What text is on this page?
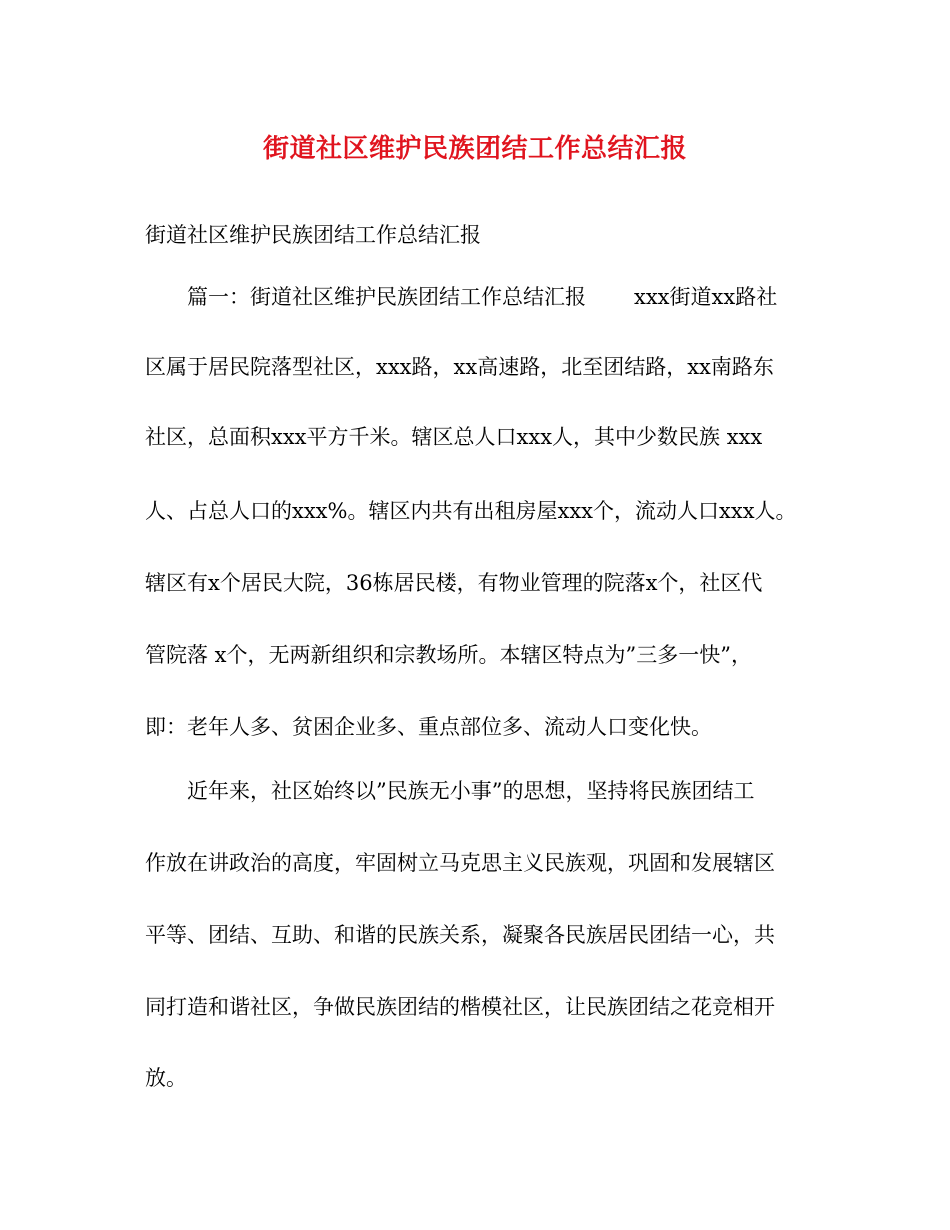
街道社区维护民族团结工作总结汇报
街道社区维护民族团结工作总结汇报
篇一：街道社区维护民族团结工作总结汇报 xxx街道xx路社
区属于居民院落型社区，xxx路，xx高速路，北至团结路，xx南路东
社区，总面积xxx平方千米。辖区总人口xxx人，其中少数民族 xxx
人、占总人口的xxx%。辖区内共有出租房屋xxx个，流动人口xxx人。
辖区有x个居民大院，36栋居民楼，有物业管理的院落x个，社区代
管院落 x个，无两新组织和宗教场所。本辖区特点为”三多一快”，
即：老年人多、贫困企业多、重点部位多、流动人口变化快。
近年来，社区始终以”民族无小事”的思想，坚持将民族团结工
作放在讲政治的高度，牢固树立马克思主义民族观，巩固和发展辖区
平等、团结、互助、和谐的民族关系，凝聚各民族居民团结一心，共
同打造和谐社区，争做民族团结的楷模社区，让民族团结之花竞相开
放。
